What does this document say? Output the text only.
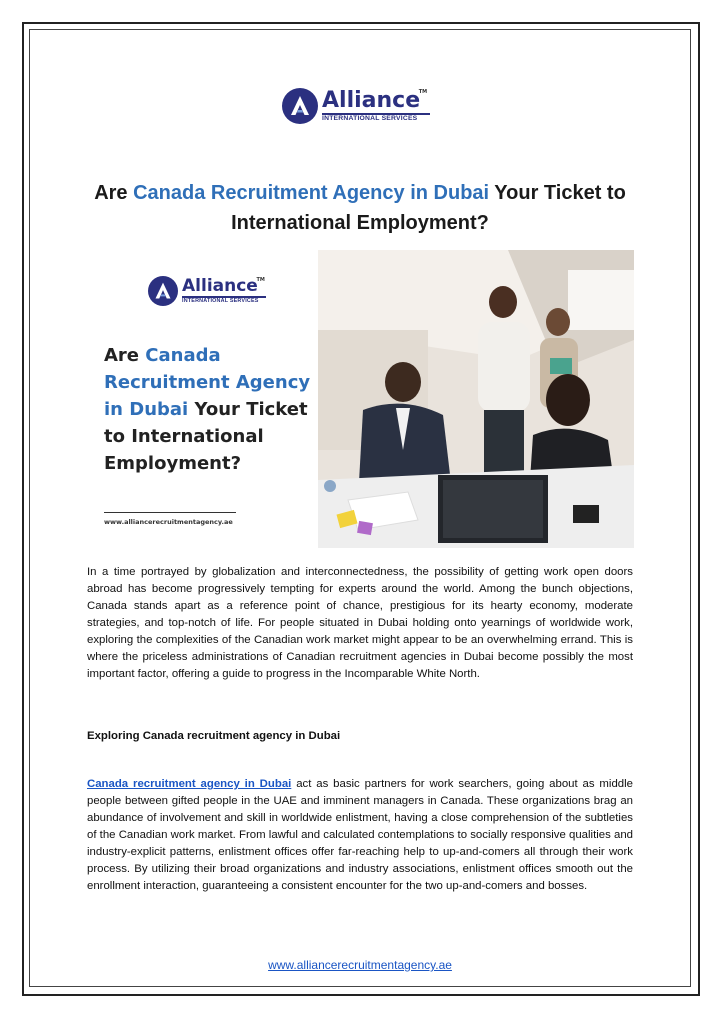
Alliance
TM
INTERNATIONAL SERVICES
Are Canada Recruitment Agency in Dubai Your Ticket to
International Employment?
Alliance
TM
INTERNATIONAL SERVICES
Are Canada
Recruitment Agency
in Dubai Your Ticket
to International
Employment?
www.alliancerecruitmentagency.ae

In a time portrayed by globalization and interconnectedness, the possibility of getting work open doors abroad has become progressively tempting for experts around the world. Among the bunch objections, Canada stands apart as a reference point of chance, prestigious for its hearty economy, moderate strategies, and top-notch of life. For people situated in Dubai holding onto yearnings of worldwide work, exploring the complexities of the Canadian work market might appear to be an overwhelming errand. This is where the priceless administrations of Canadian recruitment agencies in Dubai become possibly the most important factor, offering a guide to progress in the Incomparable White North.

Exploring Canada recruitment agency in Dubai

Canada recruitment agency in Dubai act as basic partners for work searchers, going about as middle people between gifted people in the UAE and imminent managers in Canada. These organizations brag an abundance of involvement and skill in worldwide enlistment, having a close comprehension of the subtleties of the Canadian work market. From lawful and calculated contemplations to socially responsive qualities and industry-explicit patterns, enlistment offices offer far-reaching help to up-and-comers all through their work process. By utilizing their broad organizations and industry associations, enlistment offices smooth out the enrollment interaction, guaranteeing a consistent encounter for the two up-and-comers and bosses.

www.alliancerecruitmentagency.ae
